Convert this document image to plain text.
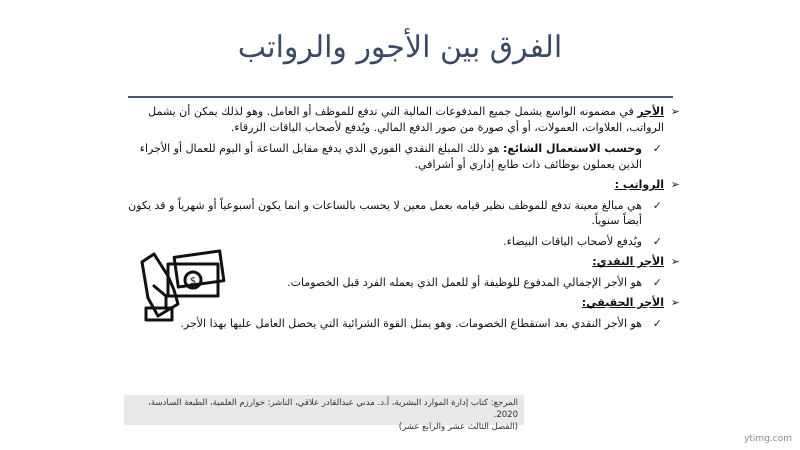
الفرق بين الأجور والرواتب
➢
الأجر في مضمونه الواسع يشمل جميع المدفوعات المالية التي تدفع للموظف أو العامل. وهو لذلك يمكن أن يشمل الرواتب، العلاوات، العمولات، أو أي صورة من صور الدفع المالي. ويُدفع لأصحاب الياقات الزرقاء.
✓
وحسب الاستعمال الشائع: هو ذلك المبلغ النقدي الفوري الذي يدفع مقابل الساعة أو اليوم للعمال أو الأجراء الذين يعملون بوظائف ذات طابع إداري أو أشرافي.
➢
الرواتب :
✓
هي مبالغ معينة تدفع للموظف نظير قيامه بعمل معين لا يحسب بالساعات و انما يكون أسبوعياً أو شهرياً و قد يكون أيضاً سنوياً.
✓
ويُدفع لأصحاب الياقات البيضاء.
➢
الأجر النقدي:
✓
هو الأجر الإجمالي المدفوع للوظيفة أو للعمل الذي يعمله الفرد قبل الخصومات.
➢
الأجر الحقيقي:
✓
هو الأجر النقدي بعد استقطاع الخصومات. وهو يمثل القوة الشرائية التي يحصل العامل عليها بهذا الأجر.
$
المرجع: كتاب إدارة الموارد البشرية، أ.د. مدني عبدالقادر علاقي، الناشر: خوارزم العلمية، الطبعة السادسة، 2020.
(الفصل الثالث عشر والرابع عشر)
ytimg.com
